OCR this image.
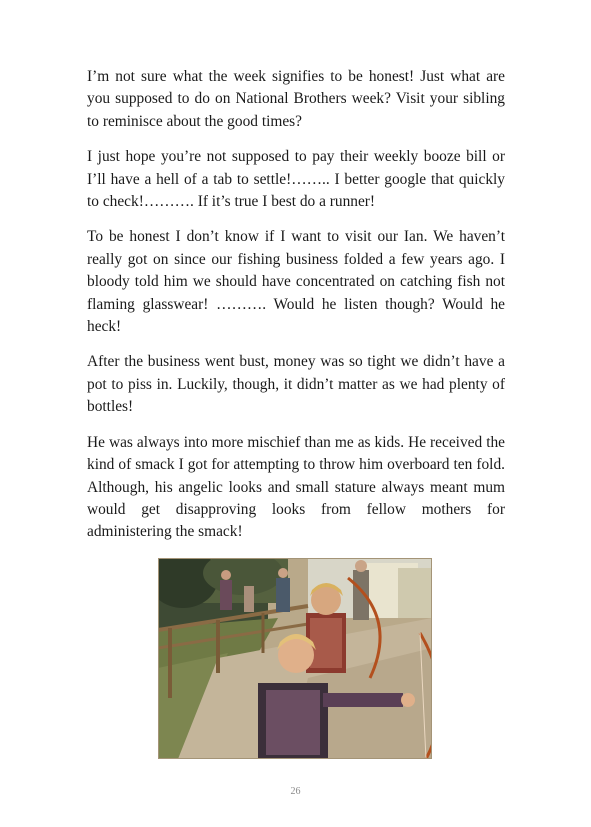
I’m not sure what the week signifies to be honest! Just what are you supposed to do on National Brothers week? Visit your sibling to reminisce about the good times?

I just hope you’re not supposed to pay their weekly booze bill or I’ll have a hell of a tab to settle!…….. I better google that quickly to check!………. If it’s true I best do a runner!

To be honest I don’t know if I want to visit our Ian. We haven’t really got on since our fishing business folded a few years ago. I bloody told him we should have concentrated on catching fish not flaming glasswear! ………. Would he listen though? Would he heck!

After the business went bust, money was so tight we didn’t have a pot to piss in. Luckily, though, it didn’t matter as we had plenty of bottles!

He was always into more mischief than me as kids. He received the kind of smack I got for attempting to throw him overboard ten fold. Although, his angelic looks and small stature always meant mum would get disapproving looks from fellow mothers for administering the smack!

26
